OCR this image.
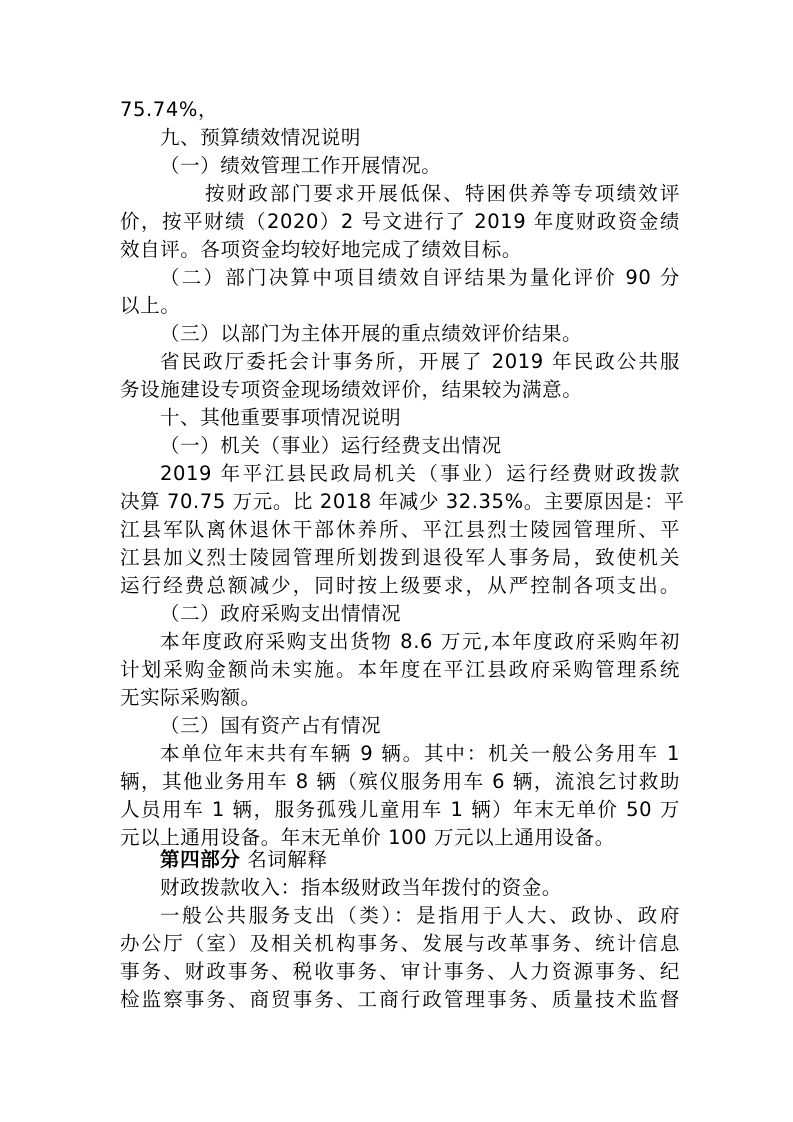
75.74%，
九、预算绩效情况说明
（一）绩效管理工作开展情况。
按财政部门要求开展低保、特困供养等专项绩效评
价，按平财绩（2020）2 号文进行了 2019 年度财政资金绩
效自评。各项资金均较好地完成了绩效目标。
（二）部门决算中项目绩效自评结果为量化评价 90 分
以上。
（三）以部门为主体开展的重点绩效评价结果。
省民政厅委托会计事务所，开展了 2019 年民政公共服
务设施建设专项资金现场绩效评价，结果较为满意。
十、其他重要事项情况说明
（一）机关（事业）运行经费支出情况
2019 年平江县民政局机关（事业）运行经费财政拨款
决算 70.75 万元。比 2018 年减少 32.35%。主要原因是：平
江县军队离休退休干部休养所、平江县烈士陵园管理所、平
江县加义烈士陵园管理所划拨到退役军人事务局，致使机关
运行经费总额减少，同时按上级要求，从严控制各项支出。
（二）政府采购支出情情况
本年度政府采购支出货物 8.6 万元,本年度政府采购年初
计划采购金额尚未实施。本年度在平江县政府采购管理系统
无实际采购额。
（三）国有资产占有情况
本单位年末共有车辆 9 辆。其中：机关一般公务用车 1
辆，其他业务用车 8 辆（殡仪服务用车 6 辆，流浪乞讨救助
人员用车 1 辆，服务孤残儿童用车 1 辆）年末无单价 50 万
元以上通用设备。年末无单价 100 万元以上通用设备。
第四部分 名词解释
财政拨款收入：指本级财政当年拨付的资金。
一般公共服务支出（类）：是指用于人大、政协、政府
办公厅（室）及相关机构事务、发展与改革事务、统计信息
事务、财政事务、税收事务、审计事务、人力资源事务、纪
检监察事务、商贸事务、工商行政管理事务、质量技术监督
